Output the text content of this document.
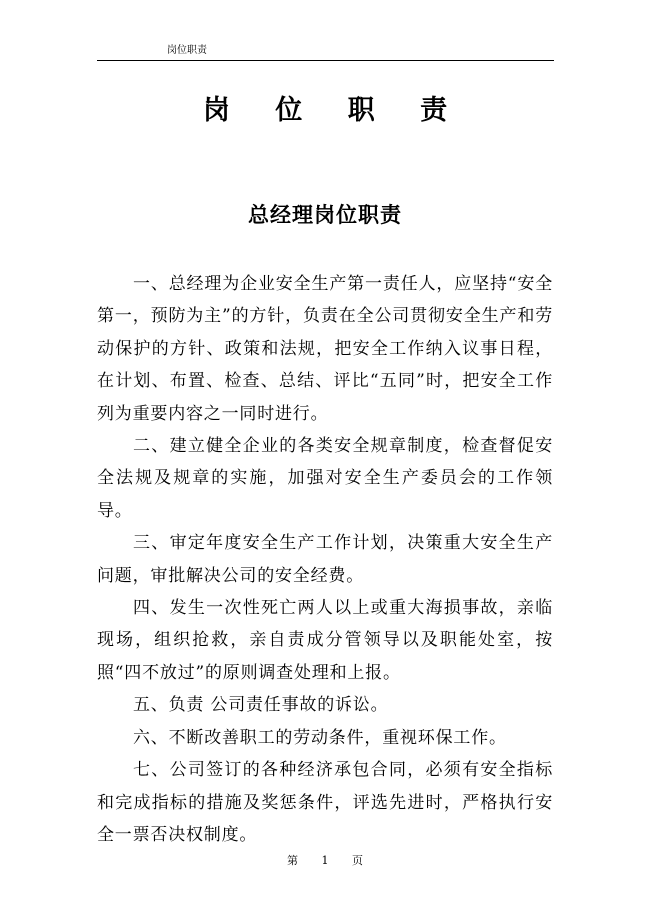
岗位职责
岗 位 职 责
总经理岗位职责

一、总经理为企业安全生产第一责任人，应坚持“安全第一，预防为主”的方针，负责在全公司贯彻安全生产和劳动保护的方针、政策和法规，把安全工作纳入议事日程，在计划、布置、检查、总结、评比“五同”时，把安全工作列为重要内容之一同时进行。

二、建立健全企业的各类安全规章制度，检查督促安全法规及规章的实施，加强对安全生产委员会的工作领导。

三、审定年度安全生产工作计划，决策重大安全生产问题，审批解决公司的安全经费。

四、发生一次性死亡两人以上或重大海损事故，亲临现场，组织抢救，亲自责成分管领导以及职能处室，按照“四不放过”的原则调查处理和上报。

五、负责 公司责任事故的诉讼。

六、不断改善职工的劳动条件，重视环保工作。

七、公司签订的各种经济承包合同，必须有安全指标和完成指标的措施及奖惩条件，评选先进时，严格执行安全一票否决权制度。

第 1 页
